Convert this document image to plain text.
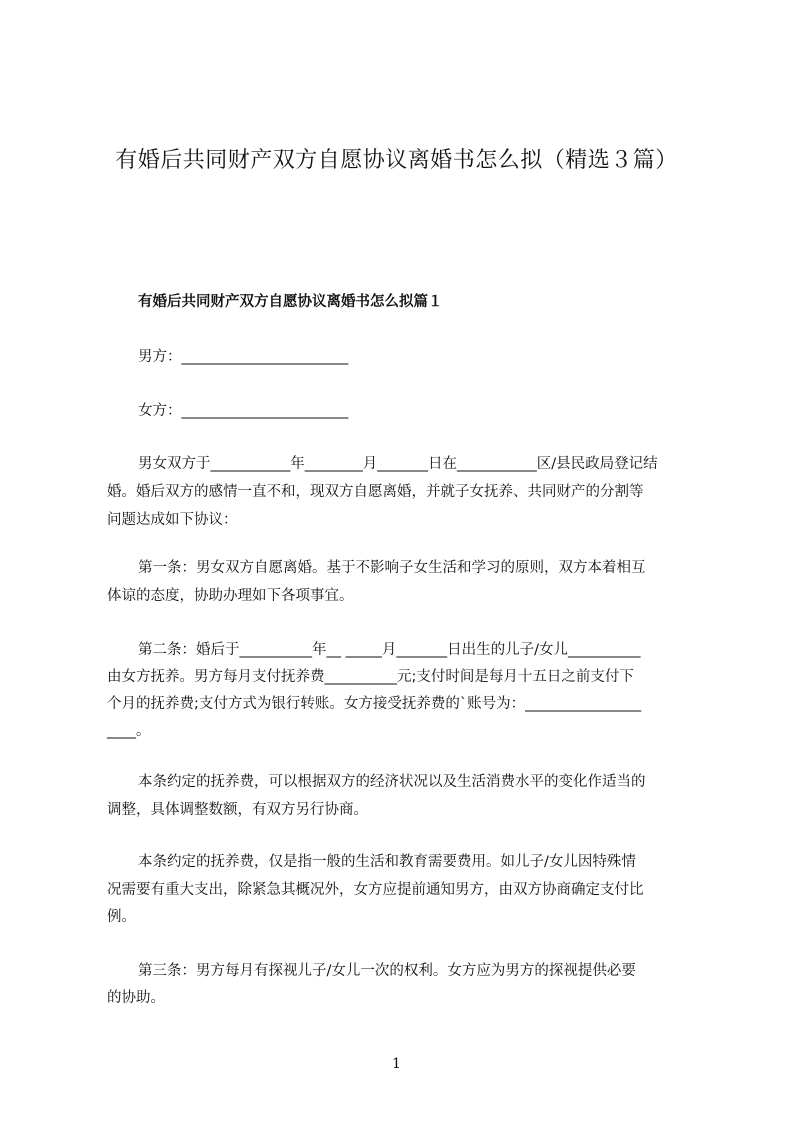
有婚后共同财产双方自愿协议离婚书怎么拟（精选３篇）
有婚后共同财产双方自愿协议离婚书怎么拟篇１
男方：_______________________
女方：_______________________
男女双方于___________年________月_______日在___________区/县民政局登记结
婚。婚后双方的感情一直不和，现双方自愿离婚，并就子女抚养、共同财产的分割等
问题达成如下协议：
第一条：男女双方自愿离婚。基于不影响子女生活和学习的原则，双方本着相互
体谅的态度，协助办理如下各项事宜。
第二条：婚后于__________年__ _____月_______日出生的儿子/女儿__________
由女方抚养。男方每月支付抚养费__________元;支付时间是每月十五日之前支付下
个月的抚养费;支付方式为银行转账。女方接受抚养费的`账号为：________________
____。
本条约定的抚养费，可以根据双方的经济状况以及生活消费水平的变化作适当的
调整，具体调整数额，有双方另行协商。
本条约定的抚养费，仅是指一般的生活和教育需要费用。如儿子/女儿因特殊情
况需要有重大支出，除紧急其概况外，女方应提前通知男方，由双方协商确定支付比
例。
第三条：男方每月有探视儿子/女儿一次的权利。女方应为男方的探视提供必要
的协助。
1
